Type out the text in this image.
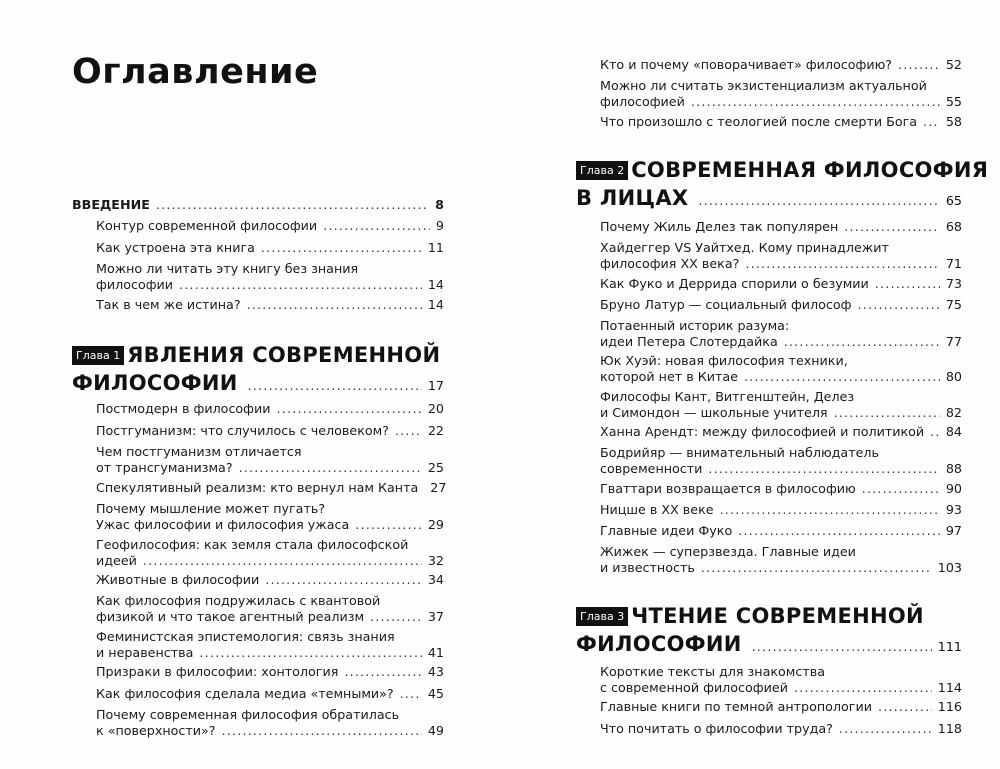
Оглавление
ВВЕДЕНИЕ .....	8
Контур современной философии .....	9
Как устроена эта книга .....	11
Можно ли читать эту книгу без знания
философии .....	14
Так в чем же истина? .....	14
Глава 1 ЯВЛЕНИЯ СОВРЕМЕННОЙ
ФИЛОСОФИИ .....	17
Постмодерн в философии .....	20
Постгуманизм: что случилось с человеком? .....	22
Чем постгуманизм отличается
от трансгуманизма? .....	25
Спекулятивный реализм: кто вернул нам Канта 27
Почему мышление может пугать?
Ужас философии и философия ужаса .....	29
Геофилософия: как земля стала философской
идеей .....	32
Животные в философии .....	34
Как философия подружилась с квантовой
физикой и что такое агентный реализм .....	37
Феминистская эпистемология: связь знания
и неравенства .....	41
Призраки в философии: хонтология .....	43
Как философия сделала медиа «темными»? .....	45
Почему современная философия обратилась
к «поверхности»? .....	49
Кто и почему «поворачивает» философию? .....	52
Можно ли считать экзистенциализм актуальной
философией .....	55
Что произошло с теологией после смерти Бога ..... 58
Глава 2 СОВРЕМЕННАЯ ФИЛОСОФИЯ
В ЛИЦАХ .....	65
Почему Жиль Делез так популярен .....	68
Хайдеггер VS Уайтхед. Кому принадлежит
философия XX века? .....	71
Как Фуко и Деррида спорили о безумии .....	73
Бруно Латур — социальный философ .....	75
Потаенный историк разума:
идеи Петера Слотердайка .....	77
Юк Хуэй: новая философия техники,
которой нет в Китае .....	80
Философы Кант, Витгенштейн, Делез
и Симондон — школьные учителя .....	82
Ханна Арендт: между философией и политикой ..... 84
Бодрийяр — внимательный наблюдатель
современности .....	88
Гваттари возвращается в философию .....	90
Ницше в XX веке .....	93
Главные идеи Фуко .....	97
Жижек — суперзвезда. Главные идеи
и известность .....	103
Глава 3 ЧТЕНИЕ СОВРЕМЕННОЙ
ФИЛОСОФИИ .....	111
Короткие тексты для знакомства
с современной философией .....	114
Главные книги по темной антропологии .....	116
Что почитать о философии труда? .....	118
